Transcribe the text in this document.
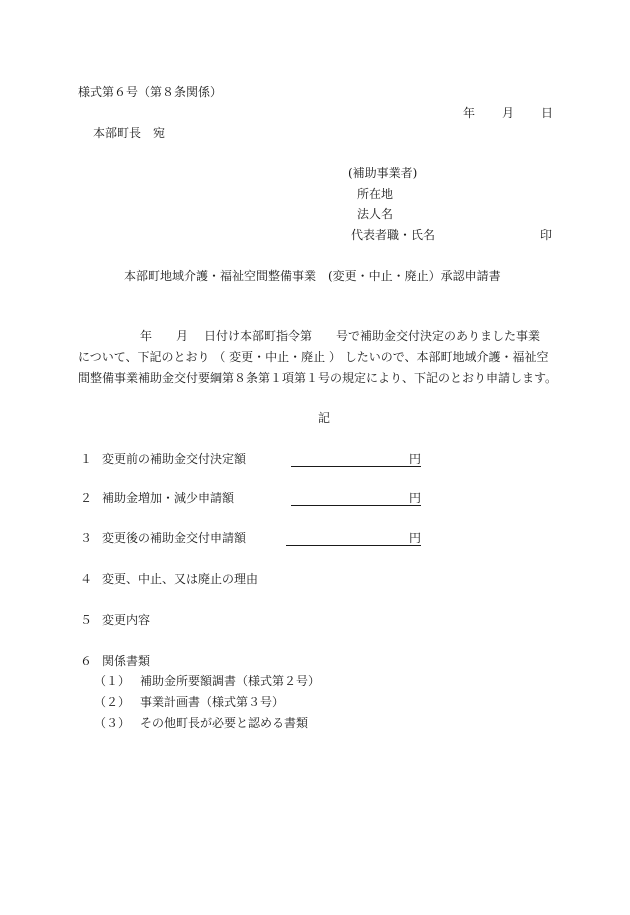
様式第６号（第８条関係）
年 月 日
本部町長　宛
(補助事業者)
所在地
法人名
代表者職・氏名	印
本部町地域介護・福祉空間整備事業　(変更・中止・廃止）承認申請書
年 月 日付け本部町指令第 号で補助金交付決定のありました事業
について、下記のとおり （ 変更・中止・廃止 ） したいので、本部町地域介護・福祉空
間整備事業補助金交付要綱第８条第１項第１号の規定により、下記のとおり申請します。
記
１ 変更前の補助金交付決定額	円
２ 補助金増加・減少申請額	円
３ 変更後の補助金交付申請額	円
４ 変更、中止、又は廃止の理由
５ 変更内容
６ 関係書類
（１） 補助金所要額調書（様式第２号）
（２） 事業計画書（様式第３号）
（３） その他町長が必要と認める書類
